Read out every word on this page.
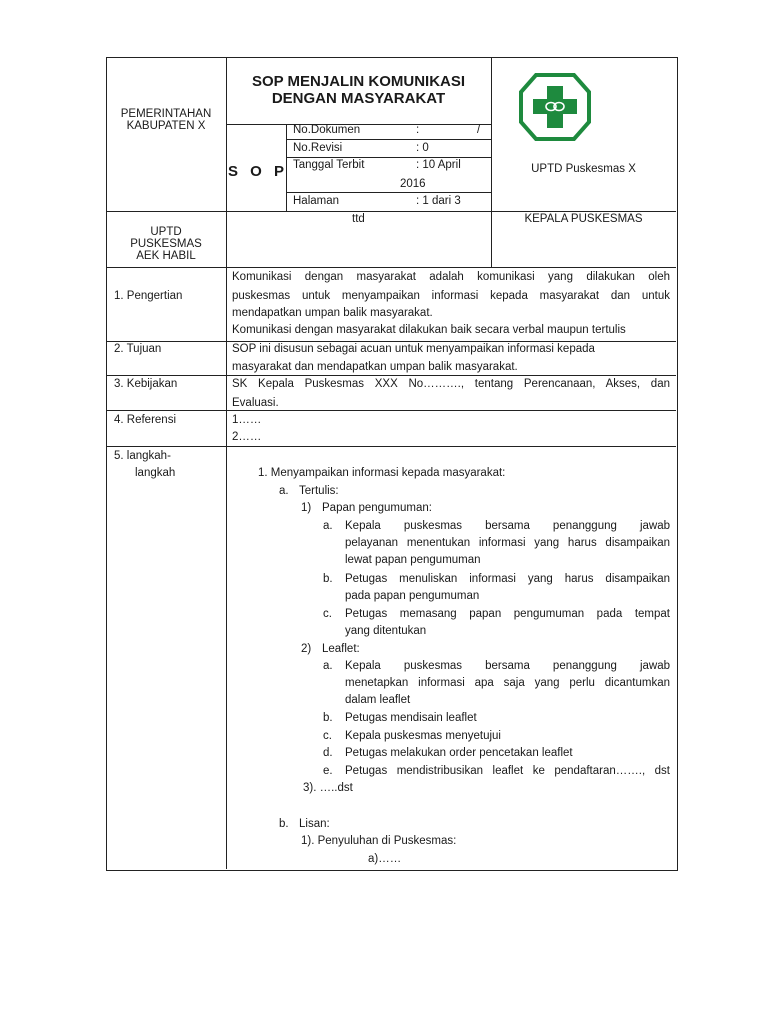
PEMERINTAHAN
KABUPATEN X
SOP MENJALIN KOMUNIKASI
DENGAN MASYARAKAT
S O P
No.Dokumen	:	/
No.Revisi	: 0
Tanggal Terbit	: 10 April
2016
Halaman	: 1 dari 3
UPTD Puskesmas X
UPTD
PUSKESMAS
AEK HABIL
ttd	KEPALA PUSKESMAS
1. Pengertian
Komunikasi dengan masyarakat adalah komunikasi yang dilakukan oleh
puskesmas untuk menyampaikan informasi kepada masyarakat dan untuk
mendapatkan umpan balik masyarakat.
Komunikasi dengan masyarakat dilakukan baik secara verbal maupun tertulis
2. Tujuan	SOP ini disusun sebagai acuan untuk menyampaikan informasi kepada
masyarakat dan mendapatkan umpan balik masyarakat.
3. Kebijakan	SK Kepala Puskesmas XXX No………., tentang Perencanaan, Akses, dan
Evaluasi.
4. Referensi	1……
2……
5. langkah-
langkah	1. Menyampaikan informasi kepada masyarakat:
a. Tertulis:
1) Papan pengumuman:
a. Kepala puskesmas bersama penanggung jawab
pelayanan menentukan informasi yang harus disampaikan
lewat papan pengumuman
b. Petugas menuliskan informasi yang harus disampaikan
pada papan pengumuman
c. Petugas memasang papan pengumuman pada tempat
yang ditentukan
2) Leaflet:
a. Kepala puskesmas bersama penanggung jawab
menetapkan informasi apa saja yang perlu dicantumkan
dalam leaflet
b. Petugas mendisain leaflet
c. Kepala puskesmas menyetujui
d. Petugas melakukan order pencetakan leaflet
e. Petugas mendistribusikan leaflet ke pendaftaran……., dst
3). …..dst
b. Lisan:
1). Penyuluhan di Puskesmas:
a)……
